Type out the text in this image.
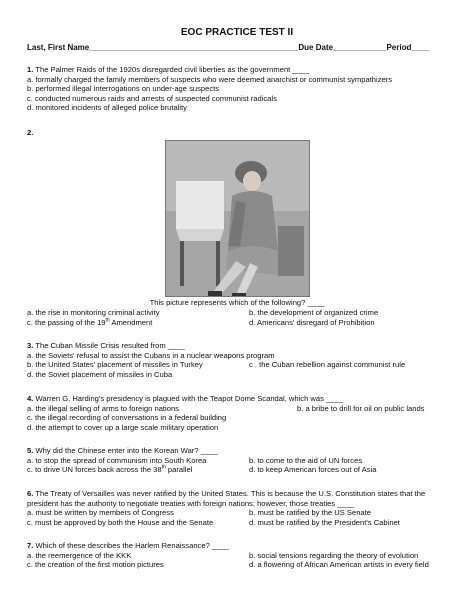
EOC PRACTICE TEST II
Last, First Name_______________________________________________Due Date____________Period____
1. The Palmer Raids of the 1920s disregarded civil liberties as the government ____
a. formally charged the family members of suspects who were deemed anarchist or communist sympathizers
b. performed illegal interrogations on under-age suspects
c. conducted numerous raids and arrests of suspected communist radicals
d. monitored incidents of alleged police brutality
2.
This picture represents which of the following? ____
a. the rise in monitoring criminal activity	b. the development of organized crime
c. the passing of the 19th Amendment	d. Americans' disregard of Prohibition
3. The Cuban Missile Crisis resulted from ____
a. the Soviets' refusal to assist the Cubans in a nuclear weapons program
b. the United States' placement of missiles in Turkey	c . the Cuban rebellion against communist rule
d. the Soviet placement of missiles in Cuba
4. Warren G. Harding's presidency is plagued with the Teapot Dome Scandal, which was ____
a. the illegal selling of arms to foreign nations	b. a bribe to drill for oil on public lands
c. the illegal recording of conversations in a federal building
d. the attempt to cover up a large scale military operation
5. Why did the Chinese enter into the Korean War? ____
a. to stop the spread of communism into South Korea	b. to come to the aid of UN forces
c. to drive UN forces back across the 38th parallel	d. to keep American forces out of Asia
6. The Treaty of Versailles was never ratified by the United States. This is because the U.S. Constitution states that the
president has the authority to negotiate treaties with foreign nations; however, those treaties ____
a. must be written by members of Congress	b. must be ratified by the US Senate
c. must be approved by both the House and the Senate	d. must be ratified by the President's Cabinet
7. Which of these describes the Harlem Renaissance? ____
a. the reemergence of the KKK	b. social tensions regarding the theory of evolution
c. the creation of the first motion pictures	d. a flowering of African American artists in every field
